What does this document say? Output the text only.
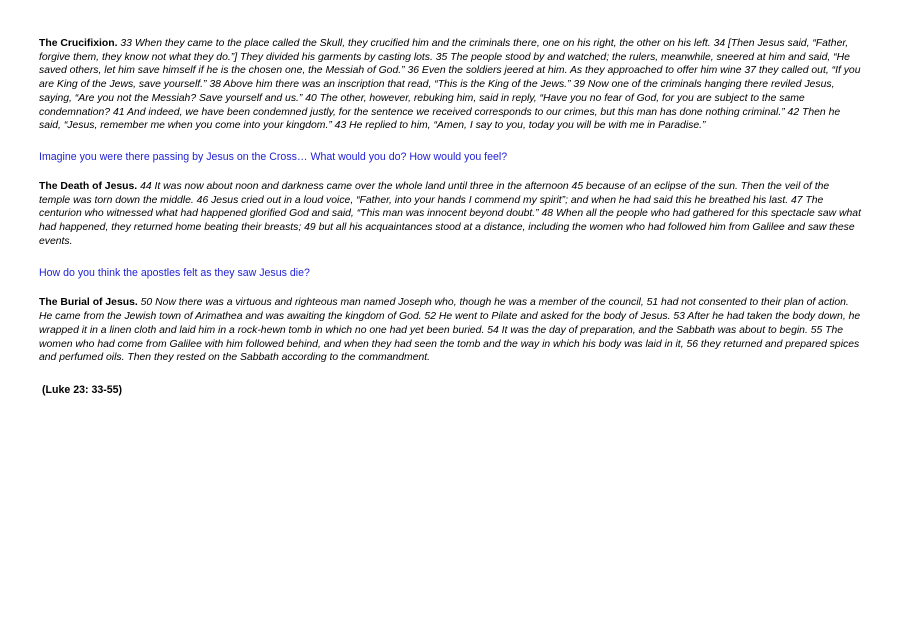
The Crucifixion. 33 When they came to the place called the Skull, they crucified him and the criminals there, one on his right, the other on his left. 34 [Then Jesus said, “Father, forgive them, they know not what they do.”] They divided his garments by casting lots. 35 The people stood by and watched; the rulers, meanwhile, sneered at him and said, “He saved others, let him save himself if he is the chosen one, the Messiah of God.” 36 Even the soldiers jeered at him. As they approached to offer him wine 37 they called out, “If you are King of the Jews, save yourself.” 38 Above him there was an inscription that read, “This is the King of the Jews.” 39 Now one of the criminals hanging there reviled Jesus, saying, “Are you not the Messiah? Save yourself and us.” 40 The other, however, rebuking him, said in reply, “Have you no fear of God, for you are subject to the same condemnation? 41 And indeed, we have been condemned justly, for the sentence we received corresponds to our crimes, but this man has done nothing criminal.” 42 Then he said, “Jesus, remember me when you come into your kingdom.” 43 He replied to him, “Amen, I say to you, today you will be with me in Paradise.”

Imagine you were there passing by Jesus on the Cross… What would you do? How would you feel?

The Death of Jesus. 44 It was now about noon and darkness came over the whole land until three in the afternoon 45 because of an eclipse of the sun. Then the veil of the temple was torn down the middle. 46 Jesus cried out in a loud voice, “Father, into your hands I commend my spirit”; and when he had said this he breathed his last. 47 The centurion who witnessed what had happened glorified God and said, “This man was innocent beyond doubt.” 48 When all the people who had gathered for this spectacle saw what had happened, they returned home beating their breasts; 49 but all his acquaintances stood at a distance, including the women who had followed him from Galilee and saw these events.

How do you think the apostles felt as they saw Jesus die?

The Burial of Jesus. 50 Now there was a virtuous and righteous man named Joseph who, though he was a member of the council, 51 had not consented to their plan of action. He came from the Jewish town of Arimathea and was awaiting the kingdom of God. 52 He went to Pilate and asked for the body of Jesus. 53 After he had taken the body down, he wrapped it in a linen cloth and laid him in a rock-hewn tomb in which no one had yet been buried. 54 It was the day of preparation, and the Sabbath was about to begin. 55 The women who had come from Galilee with him followed behind, and when they had seen the tomb and the way in which his body was laid in it, 56 they returned and prepared spices and perfumed oils. Then they rested on the Sabbath according to the commandment.

(Luke 23: 33-55)
